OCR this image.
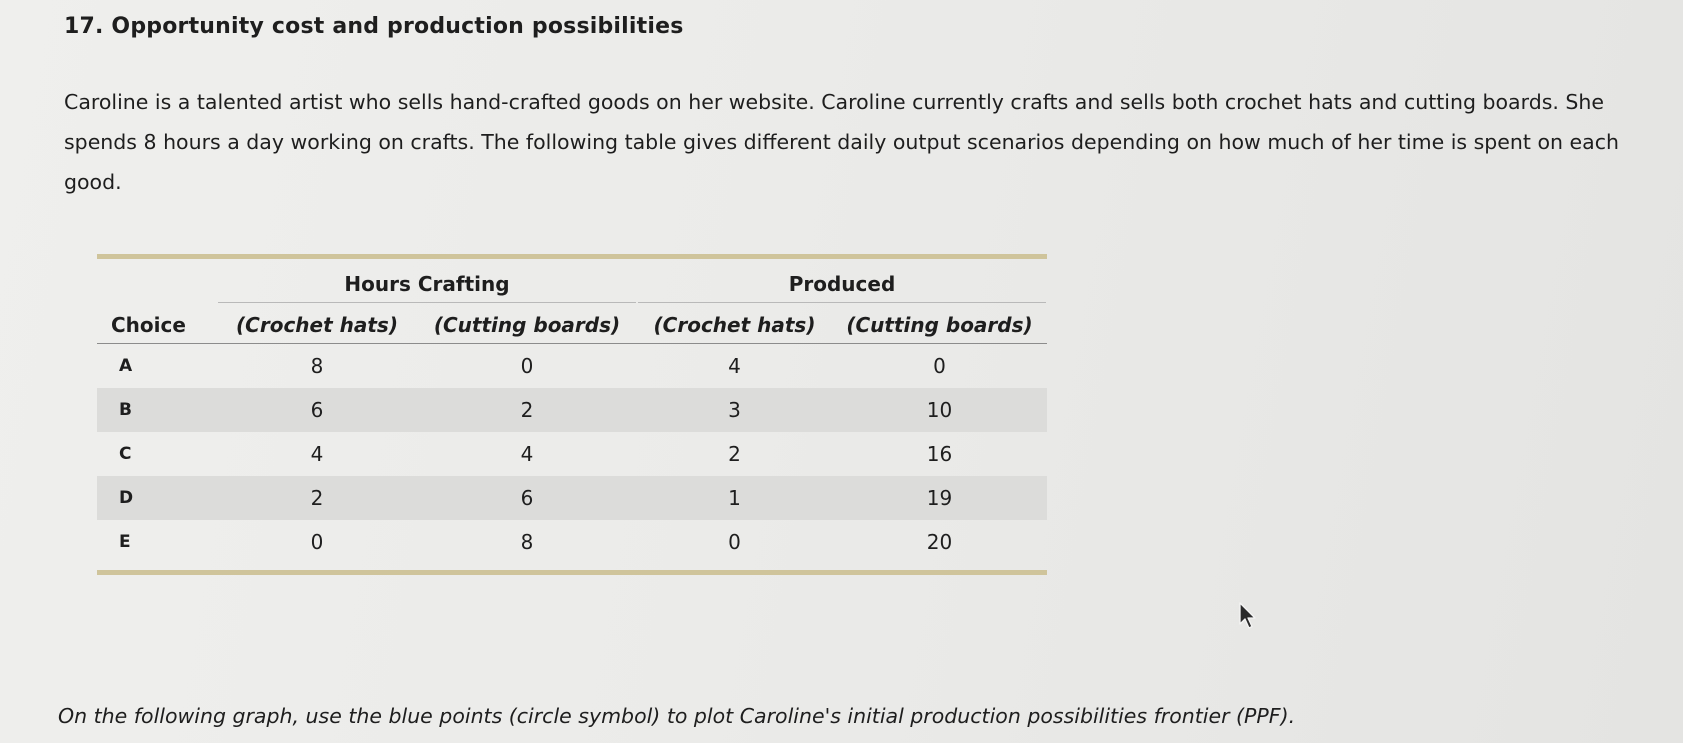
17. Opportunity cost and production possibilities
Caroline is a talented artist who sells hand-crafted goods on her website. Caroline currently crafts and sells both crochet hats and cutting boards. She
spends 8 hours a day working on crafts. The following table gives different daily output scenarios depending on how much of her time is spent on each
good.
	Hours Crafting		Produced	
Choice	(Crochet hats)	(Cutting boards)	(Crochet hats)	(Cutting boards)
A	8	0	4	0
B	6	2	3	10
C	4	4	2	16
D	2	6	1	19
E	0	8	0	20
On the following graph, use the blue points (circle symbol) to plot Caroline's initial production possibilities frontier (PPF).
